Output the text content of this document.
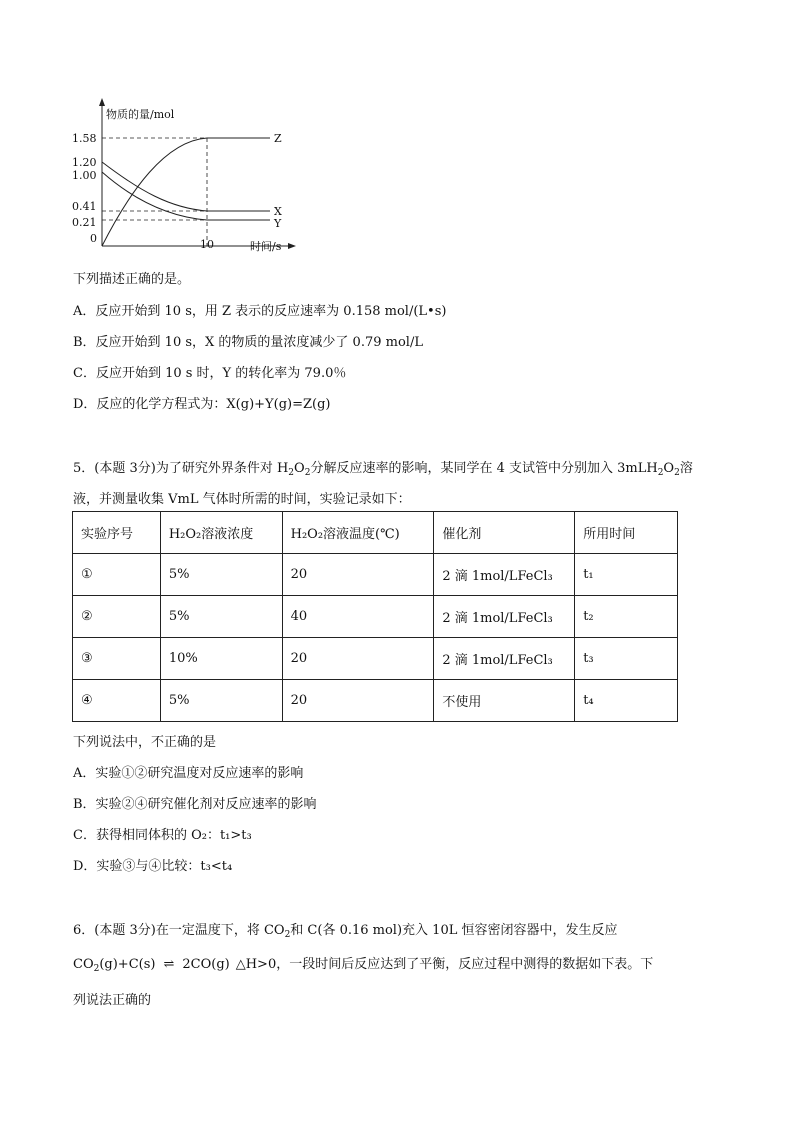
物质的量/mol
时间/s
0.21
0.41
1.00
1.20
1.58
0	10
Z
X
Y
下列描述正确的是。
A．反应开始到 10 s，用 Z 表示的反应速率为 0.158 mol/(L•s)
B．反应开始到 10 s，X 的物质的量浓度减少了 0.79 mol/L
C．反应开始到 10 s 时，Y 的转化率为 79.0％
D．反应的化学方程式为：X(g)+Y(g)=Z(g)
5．(本题 3分)为了研究外界条件对 $H_2O_2$分解反应速率的影响，某同学在 4 支试管中分别加入 $3mLH_2O_2$溶
液，并测量收集 VmL 气体时所需的时间，实验记录如下：
实验序号	H₂O₂溶液浓度	H₂O₂溶液温度(℃)	催化剂	所用时间
①	5%	20	2 滴 1mol/LFeCl₃	t₁
②	5%	40	2 滴 1mol/LFeCl₃	t₂
③	10%	20	2 滴 1mol/LFeCl₃	t₃
④	5%	20	不使用	t₄
下列说法中，不正确的是
A．实验①②研究温度对反应速率的影响
B．实验②④研究催化剂对反应速率的影响
C．获得相同体积的 O₂：t₁>t₃
D．实验③与④比较：t₃<t₄
6．(本题 3分)在一定温度下，将 $CO_2$和 C(各 0.16 mol)充入 10L 恒容密闭容器中，发生反应
$CO_2(g)+C(s)$ ⇌ 2CO(g) △H>0，一段时间后反应达到了平衡，反应过程中测得的数据如下表。下
列说法正确的
